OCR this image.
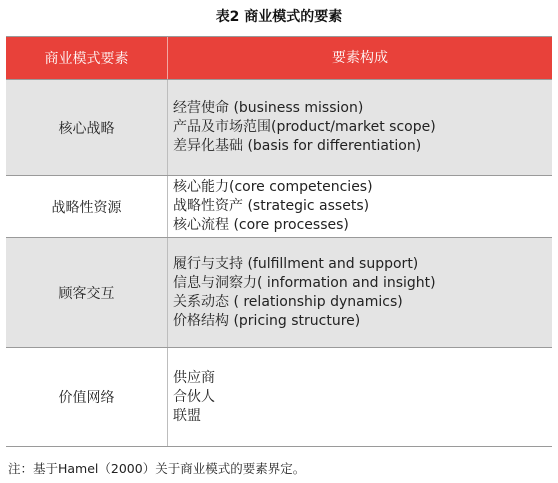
表2 商业模式的要素
商业模式要素	要素构成
核心战略
经营使命 (business mission)
产品及市场范围(product/market scope)
差异化基础 (basis for differentiation)
战略性资源
核心能力(core competencies)
战略性资产 (strategic assets)
核心流程 (core processes)
顾客交互
履行与支持 (fulfillment and support)
信息与洞察力( information and insight)
关系动态 ( relationship dynamics)
价格结构 (pricing structure)
价值网络
供应商
合伙人
联盟
注：基于Hamel（2000）关于商业模式的要素界定。
